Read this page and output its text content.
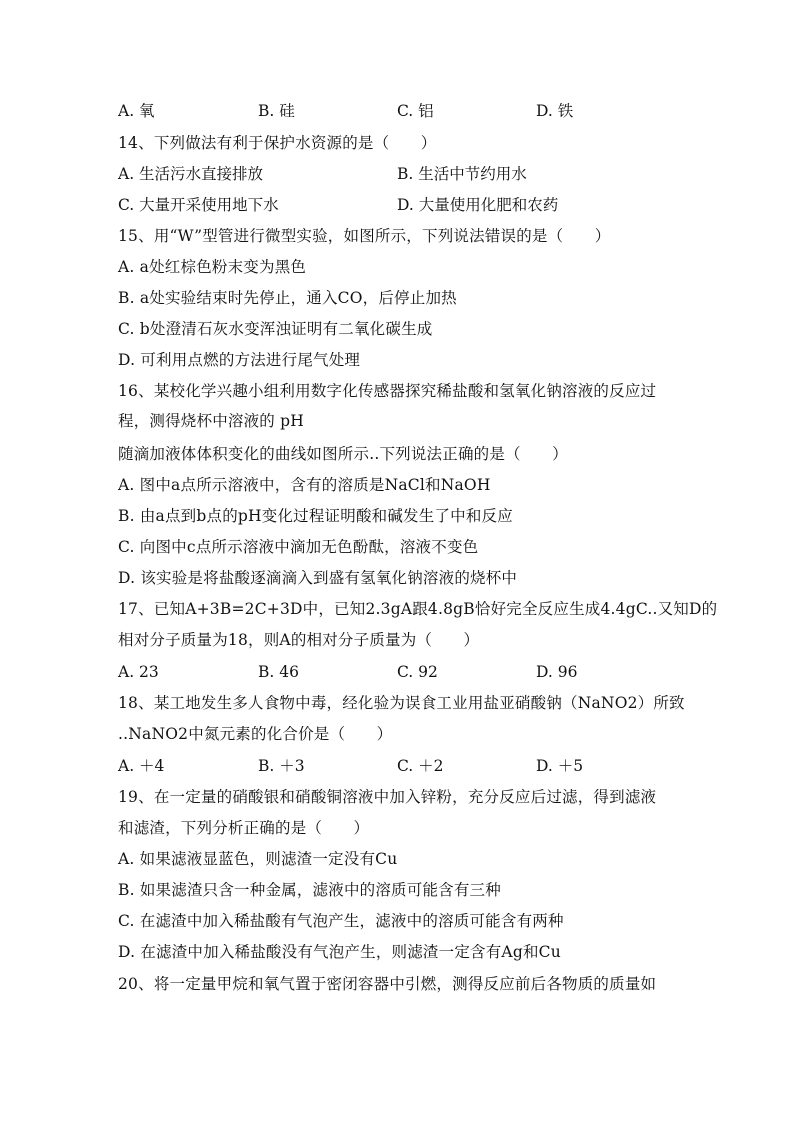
A. 氧	B. 硅	C. 铝	D. 铁
14、下列做法有利于保护水资源的是（　　）
A. 生活污水直接排放	B. 生活中节约用水
C. 大量开采使用地下水	D. 大量使用化肥和农药
15、用“W”型管进行微型实验，如图所示，下列说法错误的是（　　）
A. a处红棕色粉末变为黑色
B. a处实验结束时先停止，通入CO，后停止加热
C. b处澄清石灰水变浑浊证明有二氧化碳生成
D. 可利用点燃的方法进行尾气处理
16、某校化学兴趣小组利用数字化传感器探究稀盐酸和氢氧化钠溶液的反应过
程，测得烧杯中溶液的 pH
随滴加液体体积变化的曲线如图所示..下列说法正确的是（　　）
A. 图中a点所示溶液中，含有的溶质是NaCl和NaOH
B. 由a点到b点的pH变化过程证明酸和碱发生了中和反应
C. 向图中c点所示溶液中滴加无色酚酞，溶液不变色
D. 该实验是将盐酸逐滴滴入到盛有氢氧化钠溶液的烧杯中
17、已知A+3B=2C+3D中，已知2.3gA跟4.8gB恰好完全反应生成4.4gC..又知D的
相对分子质量为18，则A的相对分子质量为（　　）
A. 23	B. 46	C. 92	D. 96
18、某工地发生多人食物中毒，经化验为误食工业用盐亚硝酸钠（NaNO2）所致
..NaNO2中氮元素的化合价是（　　）
A. ＋4	B. ＋3	C. ＋2	D. ＋5
19、在一定量的硝酸银和硝酸铜溶液中加入锌粉，充分反应后过滤，得到滤液
和滤渣，下列分析正确的是（　　）
A. 如果滤液显蓝色，则滤渣一定没有Cu
B. 如果滤渣只含一种金属，滤液中的溶质可能含有三种
C. 在滤渣中加入稀盐酸有气泡产生，滤液中的溶质可能含有两种
D. 在滤渣中加入稀盐酸没有气泡产生，则滤渣一定含有Ag和Cu
20、将一定量甲烷和氧气置于密闭容器中引燃，测得反应前后各物质的质量如
